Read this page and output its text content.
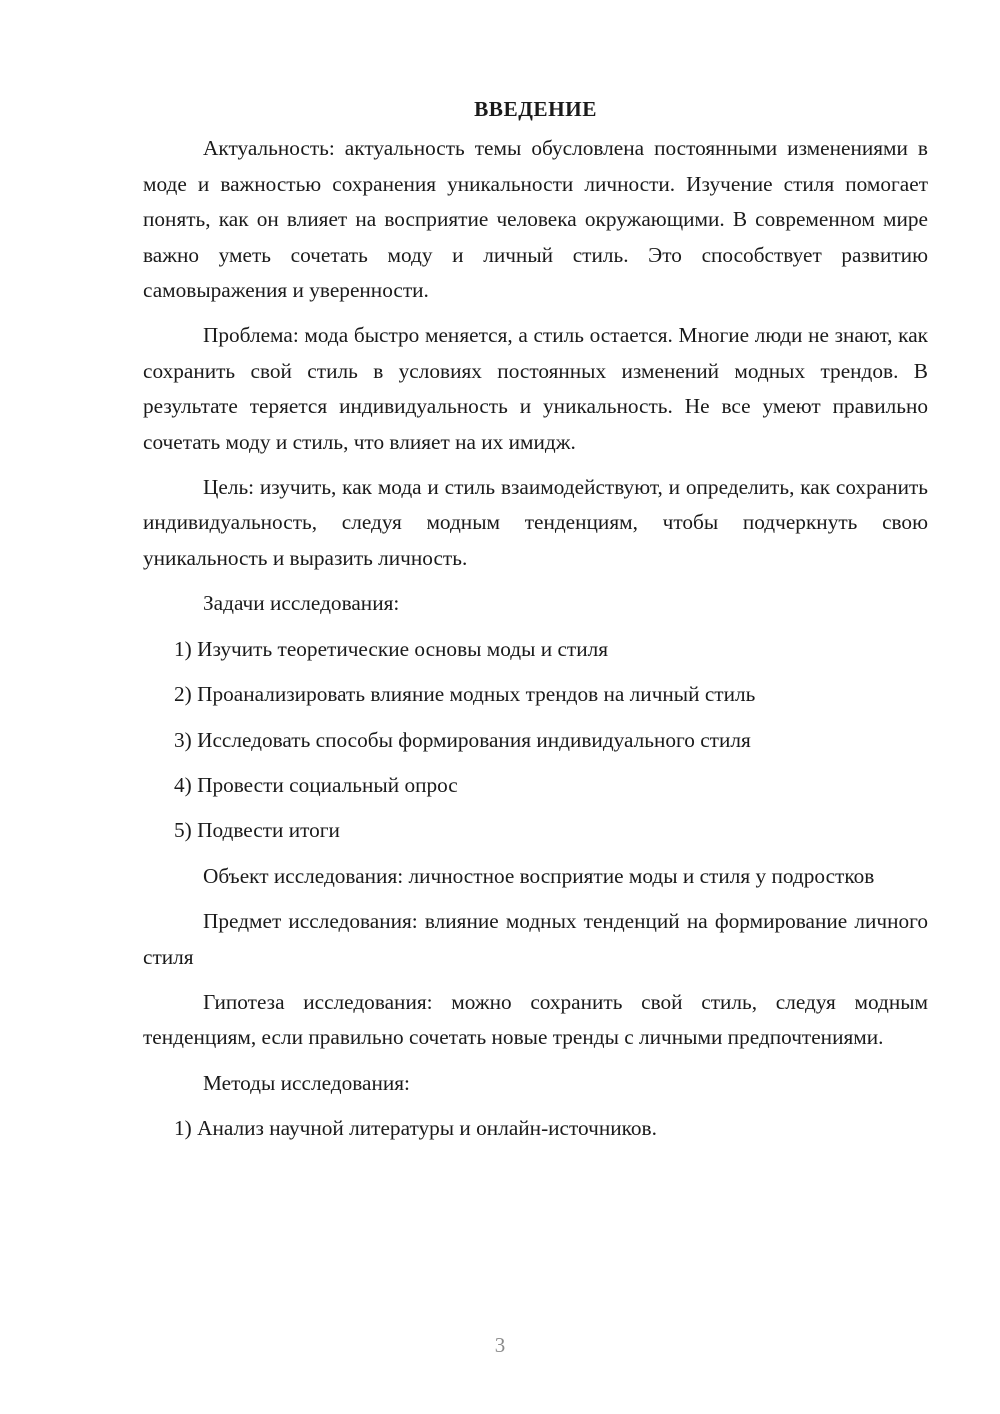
ВВЕДЕНИЕ

Актуальность: актуальность темы обусловлена постоянными изменениями в моде и важностью сохранения уникальности личности. Изучение стиля помогает понять, как он влияет на восприятие человека окружающими. В современном мире важно уметь сочетать моду и личный стиль. Это способствует развитию самовыражения и уверенности.

Проблема: мода быстро меняется, а стиль остается. Многие люди не знают, как сохранить свой стиль в условиях постоянных изменений модных трендов. В результате теряется индивидуальность и уникальность. Не все умеют правильно сочетать моду и стиль, что влияет на их имидж.

Цель: изучить, как мода и стиль взаимодействуют, и определить, как сохранить индивидуальность, следуя модным тенденциям, чтобы подчеркнуть свою уникальность и выразить личность.

Задачи исследования:

1) Изучить теоретические основы моды и стиля

2) Проанализировать влияние модных трендов на личный стиль

3) Исследовать способы формирования индивидуального стиля

4) Провести социальный опрос

5) Подвести итоги

Объект исследования: личностное восприятие моды и стиля у подростков

Предмет исследования: влияние модных тенденций на формирование личного стиля

Гипотеза исследования: можно сохранить свой стиль, следуя модным тенденциям, если правильно сочетать новые тренды с личными предпочтениями.

Методы исследования:

1) Анализ научной литературы и онлайн-источников.

3
